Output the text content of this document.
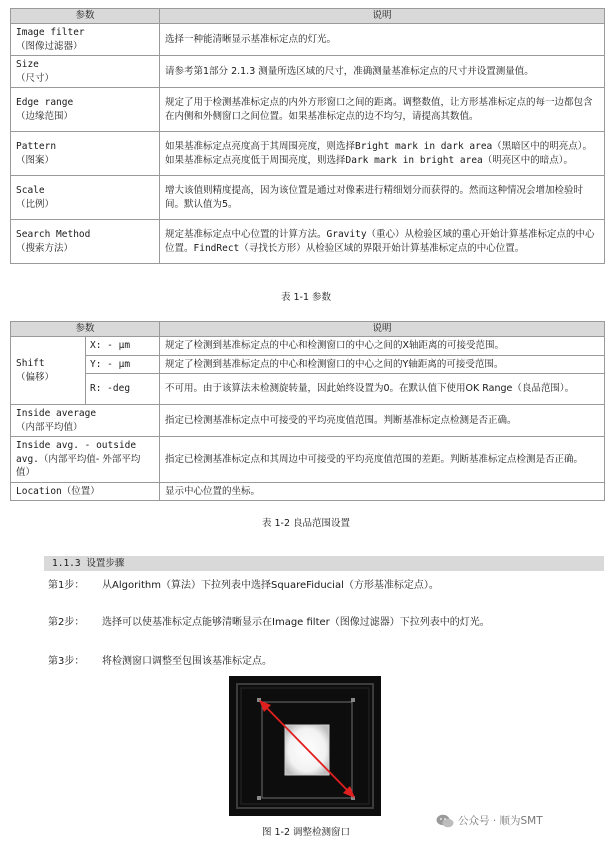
参数	说明
Image filter
（图像过滤器）	选择一种能清晰显示基准标定点的灯光。
Size
（尺寸）	请参考第1部分 2.1.3 测量所选区域的尺寸，准确测量基准标定点的尺寸并设置测量值。
Edge range
（边缘范围）	规定了用于检测基准标定点的内外方形窗口之间的距离。调整数值，让方形基准标定点的每一边都包含在内侧和外侧窗口之间位置。如果基准标定点的边不均匀，请提高其数值。
Pattern
（图案）	如果基准标定点亮度高于其周围亮度，则选择Bright mark in dark area（黑暗区中的明亮点）。如果基准标定点亮度低于周围亮度，则选择Dark mark in bright area（明亮区中的暗点）。
Scale
（比例）	增大该值则精度提高，因为该位置是通过对像素进行精细划分而获得的。然而这种情况会增加检验时间。默认值为5。
Search Method
（搜索方法）	规定基准标定点中心位置的计算方法。Gravity（重心）从检验区域的重心开始计算基准标定点的中心位置。FindRect（寻找长方形）从检验区域的界限开始计算基准标定点的中心位置。
表 1-1 参数
参数		说明
Shift
（偏移）	X: - μm	规定了检测到基准标定点的中心和检测窗口的中心之间的X轴距离的可接受范围。
	Y: - μm	规定了检测到基准标定点的中心和检测窗口的中心之间的Y轴距离的可接受范围。
	R: -deg	不可用。由于该算法未检测旋转量，因此始终设置为0。在默认值下使用OK Range（良品范围）。
Inside average
（内部平均值）		指定已检测基准标定点中可接受的平均亮度值范围。判断基准标定点检测是否正确。
Inside avg. - outside avg.（内部平均值- 外部平均值）		指定已检测基准标定点和其周边中可接受的平均亮度值范围的差距。判断基准标定点检测是否正确。
Location（位置）		显示中心位置的坐标。
表 1-2 良品范围设置
1.1.3 设置步骤
第1步： 从Algorithm（算法）下拉列表中选择SquareFiducial（方形基准标定点）。
第2步： 选择可以使基准标定点能够清晰显示在Image filter（图像过滤器）下拉列表中的灯光。
第3步： 将检测窗口调整至包围该基准标定点。
图 1-2 调整检测窗口
公众号 · 顺为SMT
